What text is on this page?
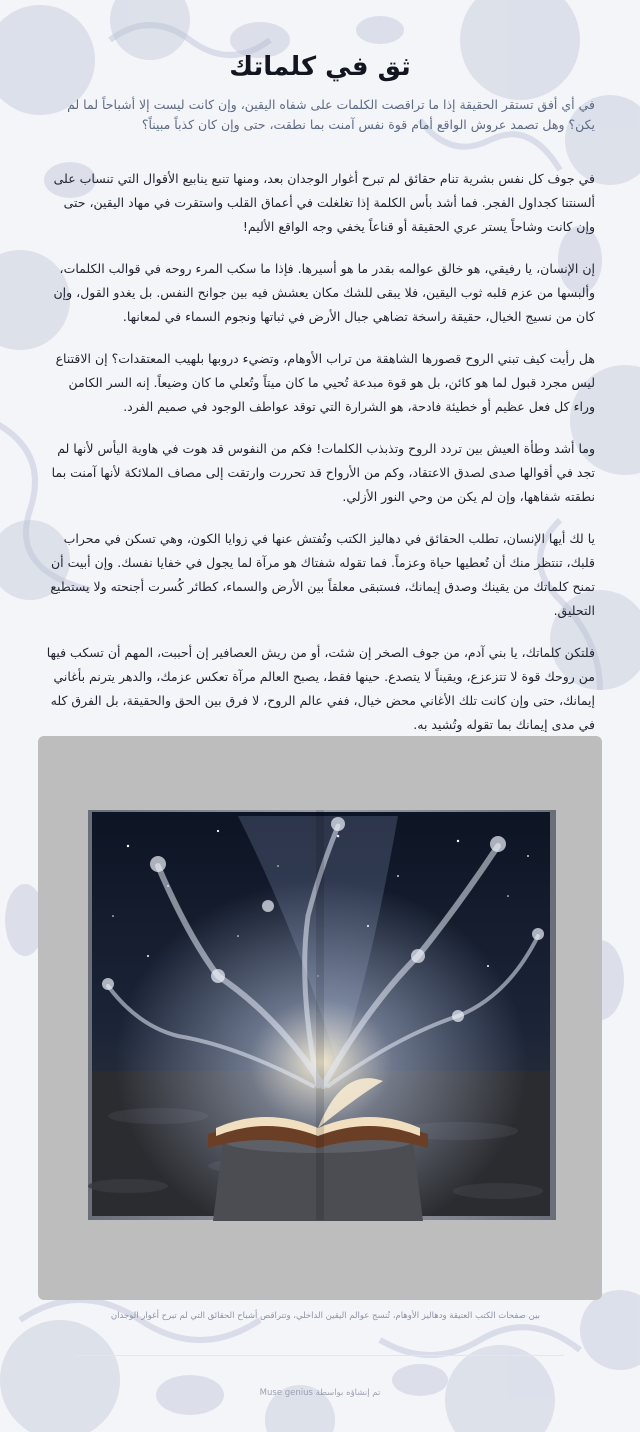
ثق في كلماتك

في أي أفق تستقر الحقيقة إذا ما تراقصت الكلمات على شفاه اليقين، وإن كانت ليست إلا أشباحاً لما لم يكن؟ وهل تصمد عروش الواقع أمام قوة نفس آمنت بما نطقت، حتى وإن كان كذباً مبيناً؟

في جوف كل نفس بشرية تنام حقائق لم تبرح أغوار الوجدان بعد، ومنها تنبع ينابيع الأقوال التي تنساب على ألسنتنا كجداول الفجر. فما أشد بأس الكلمة إذا تغلغلت في أعماق القلب واستقرت في مهاد اليقين، حتى وإن كانت وشاحاً يستر عري الحقيقة أو قناعاً يخفي وجه الواقع الأليم!

إن الإنسان، يا رفيقي، هو خالق عوالمه بقدر ما هو أسيرها. فإذا ما سكب المرء روحه في قوالب الكلمات، وألبسها من عزم قلبه ثوب اليقين، فلا يبقى للشك مكان يعشش فيه بين جوانح النفس. بل يغدو القول، وإن كان من نسيج الخيال، حقيقة راسخة تضاهي جبال الأرض في ثباتها ونجوم السماء في لمعانها.

هل رأيت كيف تبني الروح قصورها الشاهقة من تراب الأوهام، وتضيء دروبها بلهيب المعتقدات؟ إن الاقتناع ليس مجرد قبول لما هو كائن، بل هو قوة مبدعة تُحيي ما كان ميتاً وتُعلي ما كان وضيعاً. إنه السر الكامن وراء كل فعل عظيم أو خطيئة فادحة، هو الشرارة التي توقد عواطف الوجود في صميم الفرد.

وما أشد وطأة العيش بين تردد الروح وتذبذب الكلمات! فكم من النفوس قد هوت في هاوية اليأس لأنها لم تجد في أقوالها صدى لصدق الاعتقاد، وكم من الأرواح قد تحررت وارتقت إلى مصاف الملائكة لأنها آمنت بما نطقته شفاهها، وإن لم يكن من وحي النور الأزلي.

يا لك أيها الإنسان، تطلب الحقائق في دهاليز الكتب وتُفتش عنها في زوايا الكون، وهي تسكن في محراب قلبك، تنتظر منك أن تُعطيها حياة وعزماً. فما تقوله شفتاك هو مرآة لما يجول في خفايا نفسك. وإن أبيت أن تمنح كلماتك من يقينك وصدق إيمانك، فستبقى معلقاً بين الأرض والسماء، كطائر كُسرت أجنحته ولا يستطيع التحليق.

فلتكن كلماتك، يا بني آدم، من جوف الصخر إن شئت، أو من ريش العصافير إن أحببت، المهم أن تسكب فيها من روحك قوة لا تتزعزع، ويقيناً لا يتصدع. حينها فقط، يصبح العالم مرآة تعكس عزمك، والدهر يترنم بأغاني إيمانك، حتى وإن كانت تلك الأغاني محض خيال، ففي عالم الروح، لا فرق بين الحق والحقيقة، بل الفرق كله في مدى إيمانك بما تقوله وتُشيد به.

بين صفحات الكتب العتيقة ودهاليز الأوهام، تُنسج عوالم اليقين الداخلي، وتتراقص أشباح الحقائق التي لم تبرح أغوار الوجدان

تم إنشاؤه بواسطة Muse genius
